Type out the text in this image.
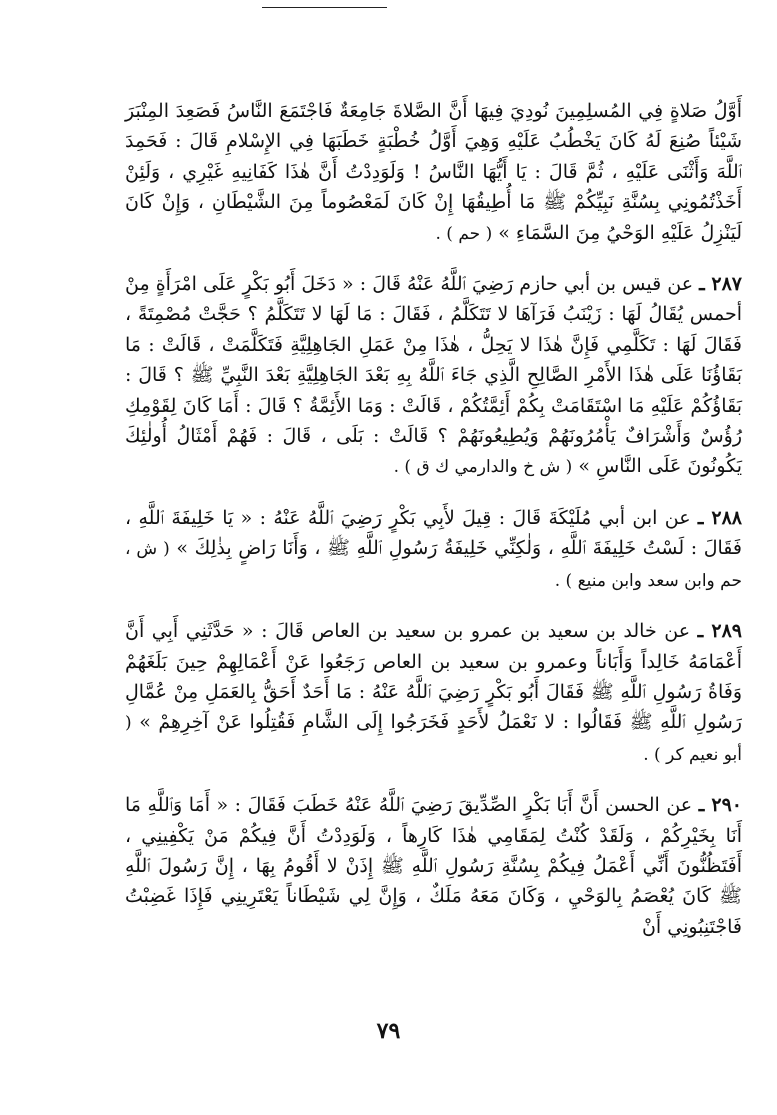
أَوَّلُ صَلاةٍ فِي المُسلِمِينَ نُودِيَ فِيهَا أَنَّ الصَّلاةَ جَامِعَةٌ فَاجْتَمَعَ النَّاسُ فَصَعِدَ المِنْبَرَ شَيْئاً صُنِعَ لَهُ كَانَ يَخْطُبُ عَلَيْهِ وَهِيَ أَوَّلُ خُطْبَةٍ خَطَبَهَا فِي الإِسْلامِ قَالَ : فَحَمِدَ ٱللَّهَ وَأَثْنَى عَلَيْهِ ، ثُمَّ قَالَ : يَا أَيُّهَا النَّاسُ ! وَلَوَدِدْتُ أَنَّ هٰذَا كَفَانِيهِ غَيْرِي ، وَلَئِنْ أَخَذْتُمُونِي بِسُنَّةِ نَبِيِّكُمْ ﷺ مَا أُطِيقُهَا إِنْ كَانَ لَمَعْصُوماً مِنَ الشَّيْطَانِ ، وَإِنْ كَانَ لَيَنْزِلُ عَلَيْهِ الوَحْيُ مِنَ السَّمَاءِ » ( حم ) .

٢٨٧ ـ عن قيس بن أبي حازم رَضِيَ ٱللَّهُ عَنْهُ قَالَ : « دَخَلَ أَبُو بَكْرٍ عَلَى امْرَأَةٍ مِنْ أحمس يُقَالُ لَهَا : زَيْنَبُ فَرَآهَا لا تَتَكَلَّمُ ، فَقَالَ : مَا لَهَا لا تَتَكَلَّمُ ؟ حَجَّتْ مُصْمِتَةً ، فَقَالَ لَهَا : تَكَلَّمِي فَإِنَّ هٰذَا لا يَحِلُّ ، هٰذَا مِنْ عَمَلِ الجَاهِلِيَّةِ فَتَكَلَّمَتْ ، قَالَتْ : مَا بَقَاؤُنَا عَلَى هٰذَا الأَمْرِ الصَّالِحِ الَّذِي جَاءَ ٱللَّهُ بِهِ بَعْدَ الجَاهِلِيَّةِ بَعْدَ النَّبِيِّ ﷺ ؟ قَالَ : بَقَاؤُكُمْ عَلَيْهِ مَا اسْتَقَامَتْ بِكُمْ أَئِمَّتُكُمْ ، قَالَتْ : وَمَا الأَئِمَّةُ ؟ قَالَ : أَمَا كَانَ لِقَوْمِكِ رُؤُسٌ وَأَشْرَافٌ يَأْمُرُونَهُمْ وَيُطِيعُونَهُمْ ؟ قَالَتْ : بَلَى ، قَالَ : فَهُمْ أَمْثَالُ أُولٰئِكَ يَكُونُونَ عَلَى النَّاسِ » ( ش خ والدارمي ك ق ) .

٢٨٨ ـ عن ابن أبي مُلَيْكَةَ قَالَ : قِيلَ لأَبِي بَكْرٍ رَضِيَ ٱللَّهُ عَنْهُ : « يَا خَلِيفَةَ ٱللَّهِ ، فَقَالَ : لَسْتُ خَلِيفَةَ ٱللَّهِ ، وَلٰكِنِّي خَلِيفَةُ رَسُولِ ٱللَّهِ ﷺ ، وَأَنَا رَاضٍ بِذٰلِكَ » ( ش ، حم وابن سعد وابن منيع ) .

٢٨٩ ـ عن خالد بن سعيد بن عمرو بن سعيد بن العاص قَالَ : « حَدَّثَنِي أَبِي أَنَّ أَعْمَامَهُ خَالِداً وَأَبَاناً وعمرو بن سعيد بن العاص رَجَعُوا عَنْ أَعْمَالِهِمْ حِينَ بَلَغَهُمْ وَفَاةُ رَسُولِ ٱللَّهِ ﷺ فَقَالَ أَبُو بَكْرٍ رَضِيَ ٱللَّهُ عَنْهُ : مَا أَحَدٌ أَحَقُّ بِالعَمَلِ مِنْ عُمَّالِ رَسُولِ ٱللَّهِ ﷺ فَقَالُوا : لا نَعْمَلُ لأَحَدٍ فَخَرَجُوا إِلَى الشَّامِ فَقُتِلُوا عَنْ آخِرِهِمْ » ( أبو نعيم كر ) .

٢٩٠ ـ عن الحسن أَنَّ أَبَا بَكْرٍ الصِّدِّيقَ رَضِيَ ٱللَّهُ عَنْهُ خَطَبَ فَقَالَ : « أَمَا وَٱللَّهِ مَا أَنَا بِخَيْرِكُمْ ، وَلَقَدْ كُنْتُ لِمَقَامِي هٰذَا كَارِهاً ، وَلَوَدِدْتُ أَنَّ فِيكُمْ مَنْ يَكْفِينِي ، أَفَتَظُنُّونَ أَنِّي أَعْمَلُ فِيكُمْ بِسُنَّةِ رَسُولِ ٱللَّهِ ﷺ إِذَنْ لا أَقُومُ بِهَا ، إِنَّ رَسُولَ ٱللَّهِ ﷺ كَانَ يُعْصَمُ بِالوَحْيِ ، وَكَانَ مَعَهُ مَلَكٌ ، وَإِنَّ لِي شَيْطَاناً يَعْتَرِينِي فَإِذَا غَضِبْتُ فَاجْتَنِبُونِي أَنْ

٧٩
